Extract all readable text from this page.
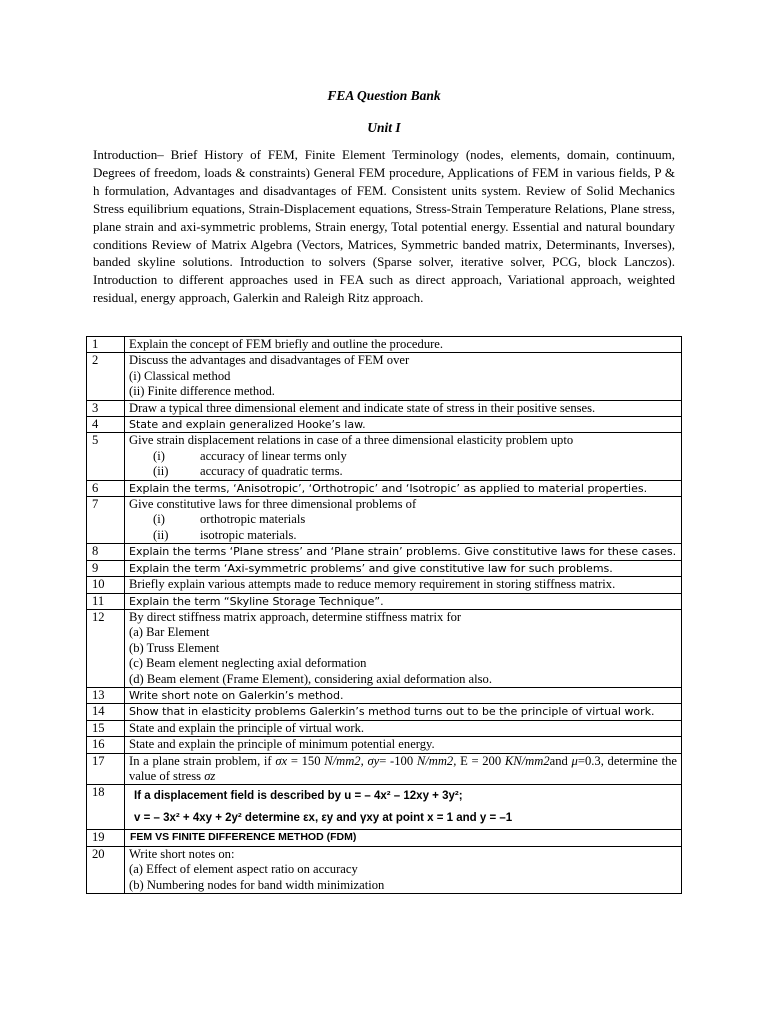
FEA Question Bank
Unit I
Introduction– Brief History of FEM, Finite Element Terminology (nodes, elements, domain, continuum, Degrees of freedom, loads & constraints) General FEM procedure, Applications of FEM in various fields, P & h formulation, Advantages and disadvantages of FEM. Consistent units system. Review of Solid Mechanics Stress equilibrium equations, Strain-Displacement equations, Stress-Strain Temperature Relations, Plane stress, plane strain and axi-symmetric problems, Strain energy, Total potential energy. Essential and natural boundary conditions Review of Matrix Algebra (Vectors, Matrices, Symmetric banded matrix, Determinants, Inverses), banded skyline solutions. Introduction to solvers (Sparse solver, iterative solver, PCG, block Lanczos). Introduction to different approaches used in FEA such as direct approach, Variational approach, weighted residual, energy approach, Galerkin and Raleigh Ritz approach.
1	Explain the concept of FEM briefly and outline the procedure.

2	Discuss the advantages and disadvantages of FEM over
(i) Classical method
(ii) Finite difference method.

3	Draw a typical three dimensional element and indicate state of stress in their positive senses.

4	State and explain generalized Hooke’s law.

5	Give strain displacement relations in case of a three dimensional elasticity problem upto
(i) accuracy of linear terms only
(ii) accuracy of quadratic terms.

6	Explain the terms, ‘Anisotropic’, ‘Orthotropic’ and ‘Isotropic’ as applied to material properties.

7	Give constitutive laws for three dimensional problems of
(i) orthotropic materials
(ii) isotropic materials.

8	Explain the terms ‘Plane stress’ and ‘Plane strain’ problems. Give constitutive laws for these cases.

9	Explain the term ‘Axi-symmetric problems’ and give constitutive law for such problems.

10	Briefly explain various attempts made to reduce memory requirement in storing stiffness matrix.

11	Explain the term “Skyline Storage Technique”.

12	By direct stiffness matrix approach, determine stiffness matrix for
(a) Bar Element
(b) Truss Element
(c) Beam element neglecting axial deformation
(d) Beam element (Frame Element), considering axial deformation also.

13	Write short note on Galerkin’s method.

14	Show that in elasticity problems Galerkin’s method turns out to be the principle of virtual work.

15	State and explain the principle of virtual work.

16	State and explain the principle of minimum potential energy.

17	In a plane strain problem, if σx = 150 N/mm2, σy= -100 N/mm2, E = 200 KN/mm2and μ=0.3, determine the value of stress σz
18	If a displacement field is described by u = – 4x² – 12xy + 3y²;
v = – 3x² + 4xy + 2y² determine εx, εy and γxy at point x = 1 and y = –1

19	FEM VS FINITE DIFFERENCE METHOD (FDM)

20	Write short notes on:
(a) Effect of element aspect ratio on accuracy
(b) Numbering nodes for band width minimization
